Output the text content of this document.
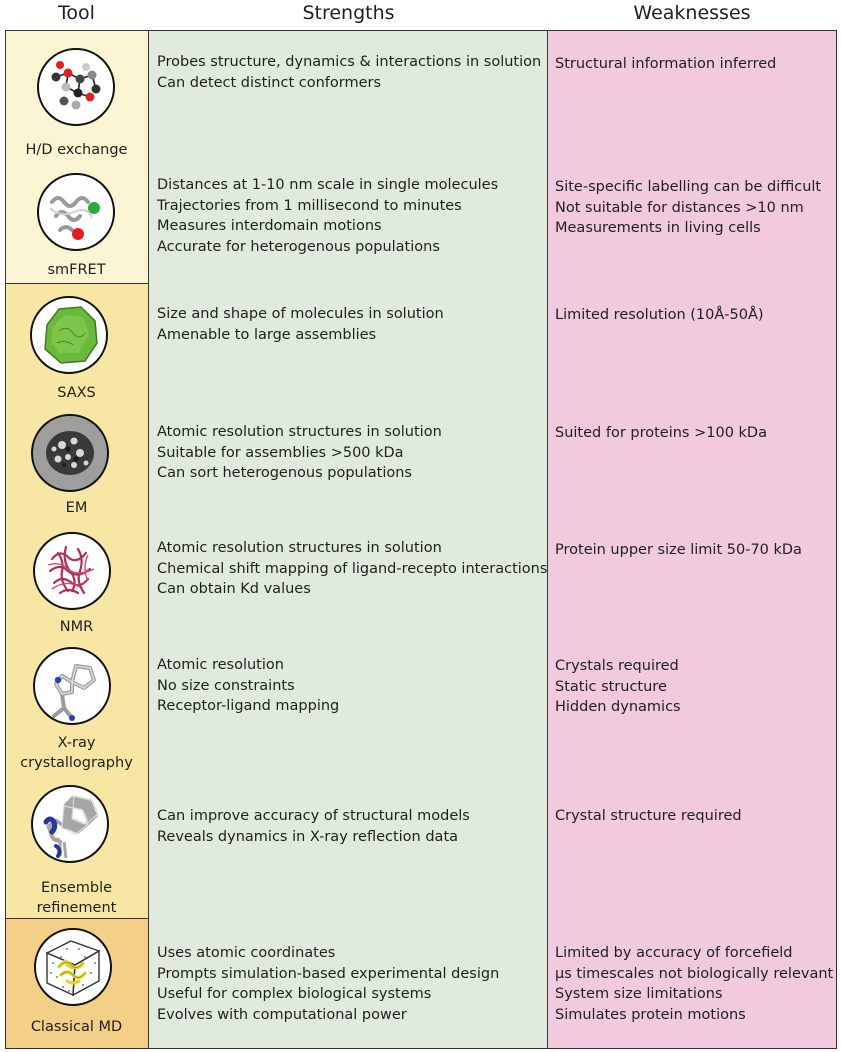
Tool	Strengths	Weaknesses
H/D exchange
Probes structure, dynamics & interactions in solution
Can detect distinct conformers
Structural information inferred
smFRET
Distances at 1-10 nm scale in single molecules
Trajectories from 1 millisecond to minutes
Measures interdomain motions
Accurate for heterogenous populations
Site-specific labelling can be difficult
Not suitable for distances >10 nm
Measurements in living cells
SAXS
Size and shape of molecules in solution
Amenable to large assemblies
Limited resolution (10Å-50Å)
EM
Atomic resolution structures in solution
Suitable for assemblies >500 kDa
Can sort heterogenous populations
Suited for proteins >100 kDa
NMR
Atomic resolution structures in solution
Chemical shift mapping of ligand-recepto interactions
Can obtain Kd values
Protein upper size limit 50-70 kDa
X-ray
crystallography
Atomic resolution
No size constraints
Receptor-ligand mapping
Crystals required
Static structure
Hidden dynamics
Ensemble
refinement
Can improve accuracy of structural models
Reveals dynamics in X-ray reflection data
Crystal structure required
Classical MD
Uses atomic coordinates
Prompts simulation-based experimental design
Useful for complex biological systems
Evolves with computational power
Limited by accuracy of forcefield
µs timescales not biologically relevant
System size limitations
Simulates protein motions
